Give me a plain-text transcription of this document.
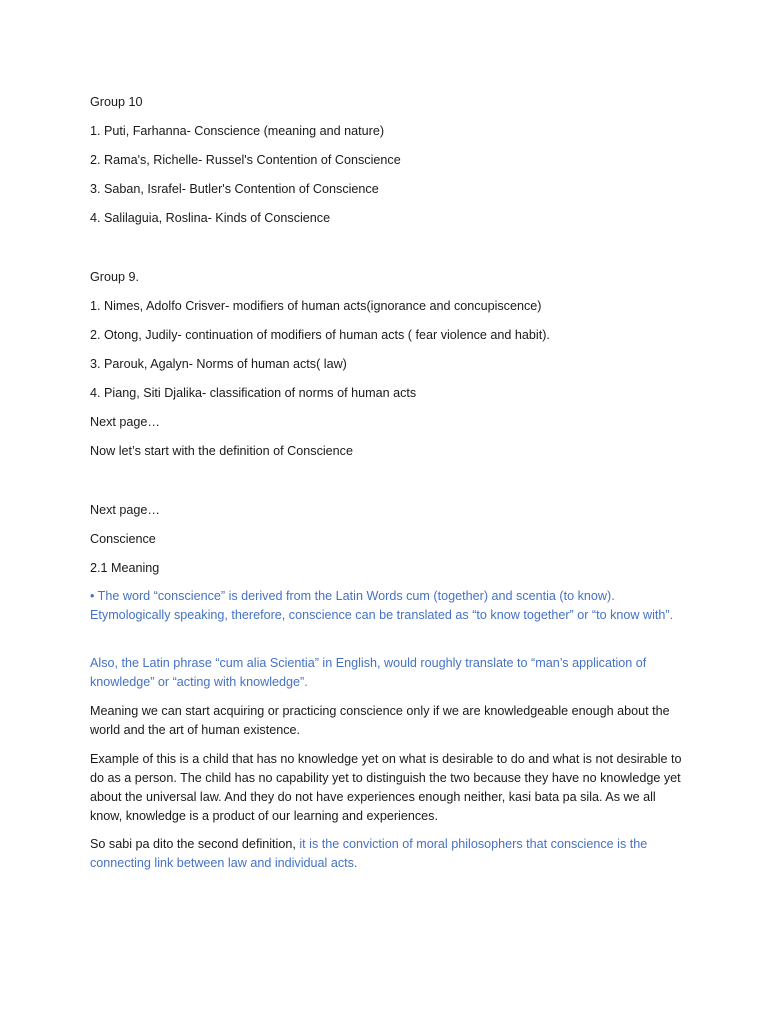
Group 10
1. Puti, Farhanna- Conscience (meaning and nature)
2. Rama's, Richelle- Russel's Contention of Conscience
3. Saban, Israfel- Butler's Contention of Conscience
4. Salilaguia, Roslina- Kinds of Conscience
Group 9.
1. Nimes, Adolfo Crisver- modifiers of human acts(ignorance and concupiscence)
2. Otong, Judily- continuation of modifiers of human acts ( fear violence and habit).
3. Parouk, Agalyn- Norms of human acts( law)
4. Piang, Siti Djalika- classification of norms of human acts
Next page…
Now let’s start with the definition of Conscience
Next page…
Conscience
2.1 Meaning
• The word “conscience” is derived from the Latin Words cum (together) and scentia (to know). Etymologically speaking, therefore, conscience can be translated as “to know together” or “to know with”.
Also, the Latin phrase “cum alia Scientia” in English, would roughly translate to “man’s application of knowledge” or “acting with knowledge”.
Meaning we can start acquiring or practicing conscience only if we are knowledgeable enough about the world and the art of human existence.
Example of this is a child that has no knowledge yet on what is desirable to do and what is not desirable to do as a person. The child has no capability yet to distinguish the two because they have no knowledge yet about the universal law. And they do not have experiences enough neither, kasi bata pa sila. As we all know, knowledge is a product of our learning and experiences.
So sabi pa dito the second definition, it is the conviction of moral philosophers that conscience is the connecting link between law and individual acts.
